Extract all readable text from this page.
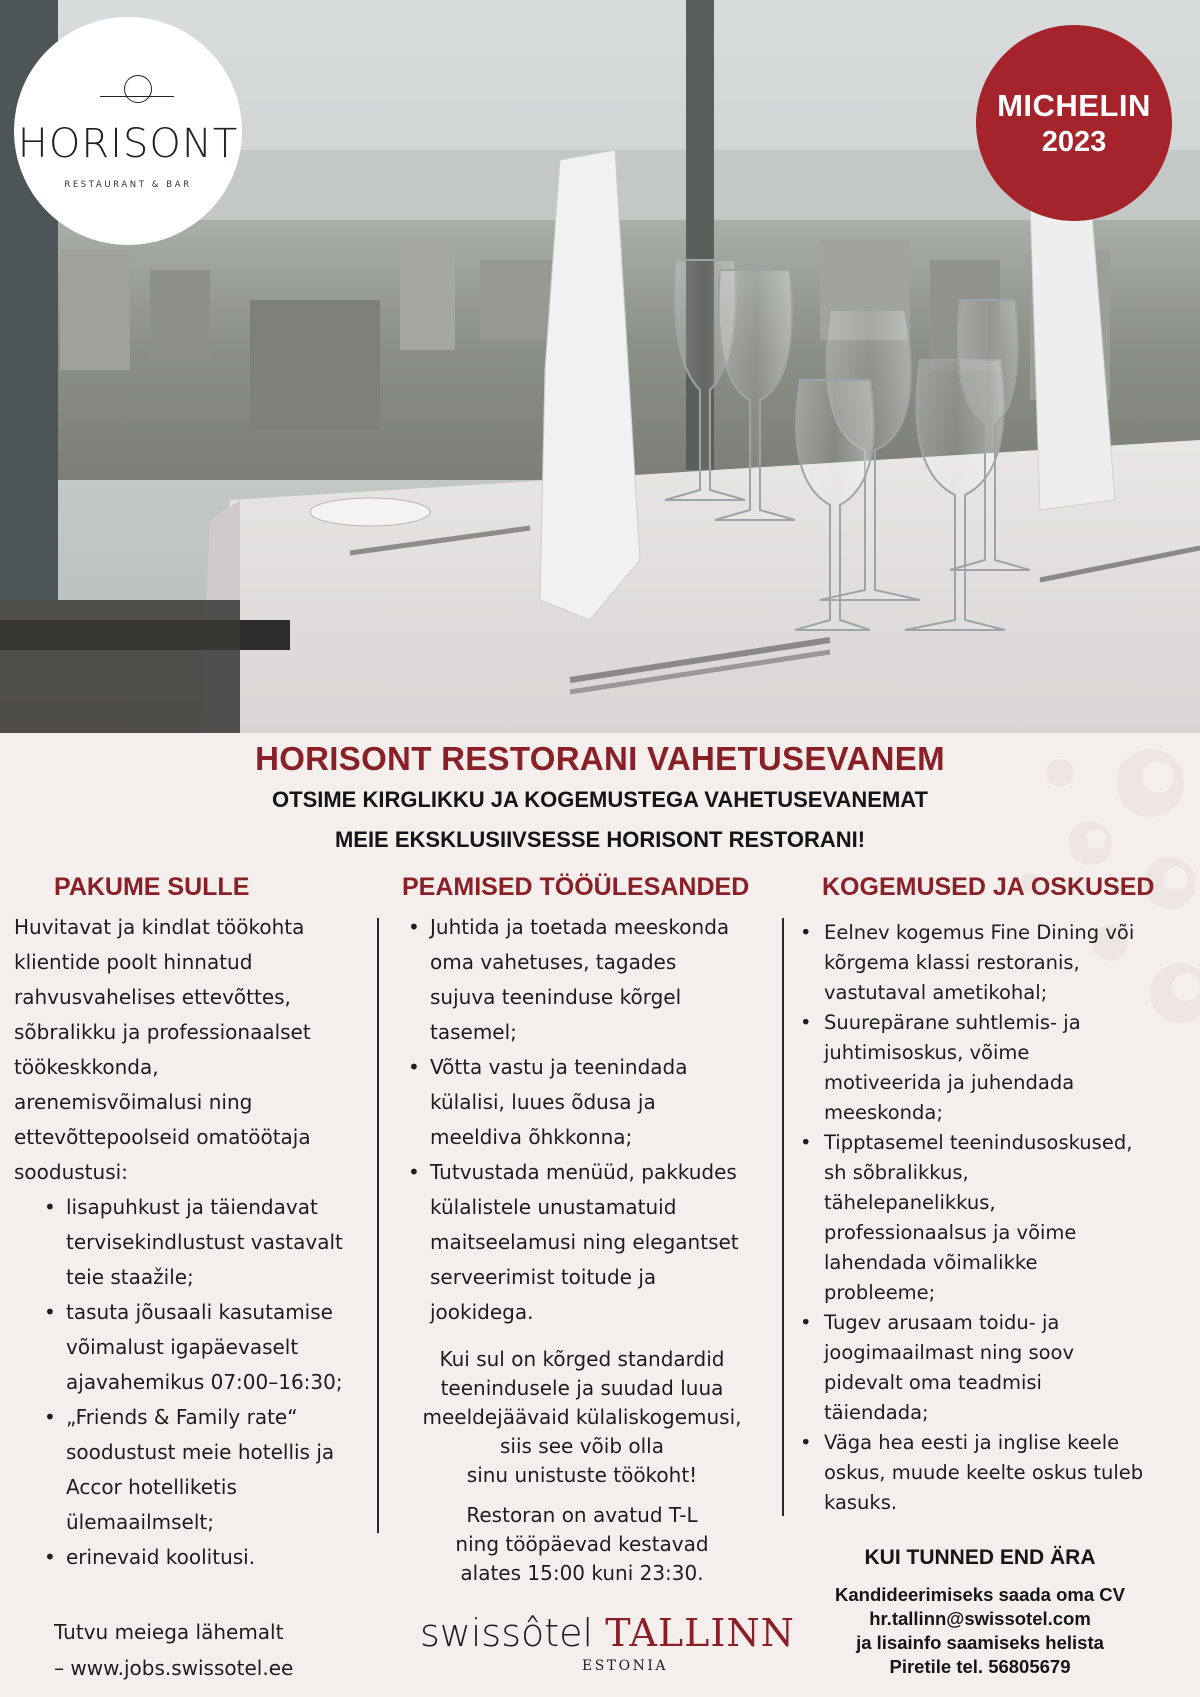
HORISONT
RESTAURANT & BAR
MICHELIN
2023
HORISONT RESTORANI VAHETUSEVANEM
OTSIME KIRGLIKKU JA KOGEMUSTEGA VAHETUSEVANEMAT
MEIE EKSKLUSIIVSESSE HORISONT RESTORANI!
PAKUME SULLE	PEAMISED TÖÖÜLESANDED	KOGEMUSED JA OSKUSED

Huvitavat ja kindlat töökohta
klientide poolt hinnatud
rahvusvahelises ettevõttes,
sõbralikku ja professionaalset
töökeskkonda,
arenemisvõimalusi ning
ettevõttepoolseid omatöötaja
soodustusi:

• lisapuhkust ja täiendavat
tervisekindlustust vastavalt
teie staažile;
• tasuta jõusaali kasutamise
võimalust igapäevaselt
ajavahemikus 07:00–16:30;
• „Friends & Family rate“
soodustust meie hotellis ja
Accor hotelliketis
ülemaailmselt;
• erinevaid koolitusi.
• Juhtida ja toetada meeskonda
oma vahetuses, tagades
sujuva teeninduse kõrgel
tasemel;
• Võtta vastu ja teenindada
külalisi, luues õdusa ja
meeldiva õhkkonna;
• Tutvustada menüüd, pakkudes
külalistele unustamatuid
maitseelamusi ning elegantset
serveerimist toitude ja
jookidega.
Kui sul on kõrged standardid
teenindusele ja suudad luua
meeldejäävaid külaliskogemusi,
siis see võib olla
sinu unistuste töökoht!
Restoran on avatud T-L
ning tööpäevad kestavad
alates 15:00 kuni 23:30.
• Eelnev kogemus Fine Dining või
kõrgema klassi restoranis,
vastutaval ametikohal;
• Suurepärane suhtlemis- ja
juhtimisoskus, võime
motiveerida ja juhendada
meeskonda;
• Tipptasemel teenindusoskused,
sh sõbralikkus,
tähelepanelikkus,
professionaalsus ja võime
lahendada võimalikke
probleeme;
• Tugev arusaam toidu- ja
joogimaailmast ning soov
pidevalt oma teadmisi
täiendada;
• Väga hea eesti ja inglise keele
oskus, muude keelte oskus tuleb
kasuks.
Tutvu meiega lähemalt
– www.jobs.swissotel.ee
swissôtel TALLINN
ESTONIA
KUI TUNNED END ÄRA
Kandideerimiseks saada oma CV
hr.tallinn@swissotel.com
ja lisainfo saamiseks helista
Piretile tel. 56805679
